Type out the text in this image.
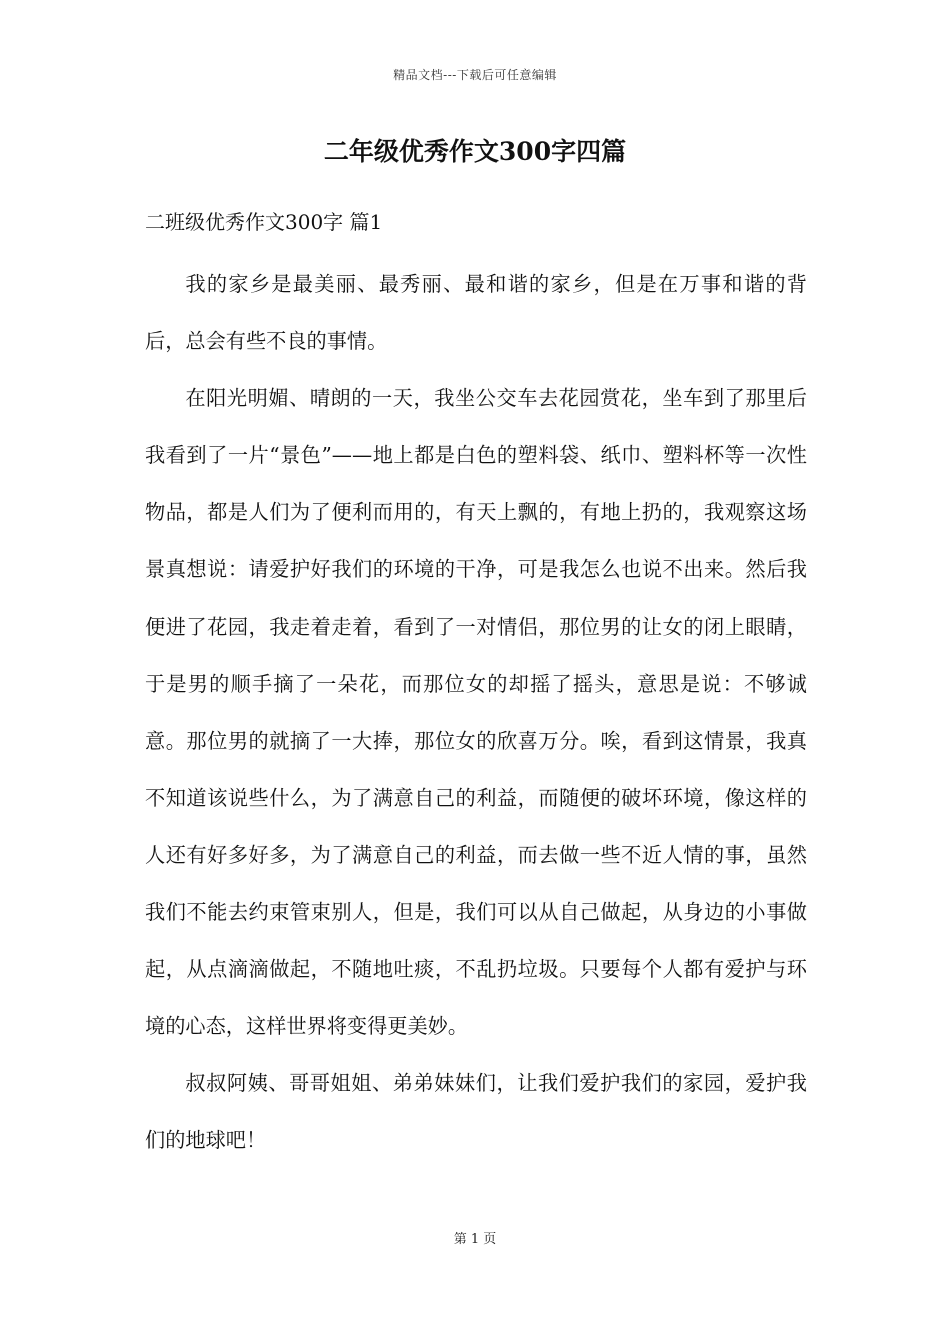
精品文档---下载后可任意编辑
二年级优秀作文300字四篇
二班级优秀作文300字 篇1

我的家乡是最美丽、最秀丽、最和谐的家乡，但是在万事和谐的背后，总会有些不良的事情。

在阳光明媚、晴朗的一天，我坐公交车去花园赏花，坐车到了那里后我看到了一片“景色”——地上都是白色的塑料袋、纸巾、塑料杯等一次性物品，都是人们为了便利而用的，有天上飘的，有地上扔的，我观察这场景真想说：请爱护好我们的环境的干净，可是我怎么也说不出来。然后我便进了花园，我走着走着，看到了一对情侣，那位男的让女的闭上眼睛，于是男的顺手摘了一朵花，而那位女的却摇了摇头，意思是说：不够诚意。那位男的就摘了一大捧，那位女的欣喜万分。唉，看到这情景，我真不知道该说些什么，为了满意自己的利益，而随便的破坏环境，像这样的人还有好多好多，为了满意自己的利益，而去做一些不近人情的事，虽然我们不能去约束管束别人，但是，我们可以从自己做起，从身边的小事做起，从点滴滴做起，不随地吐痰，不乱扔垃圾。只要每个人都有爱护与环境的心态，这样世界将变得更美妙。

叔叔阿姨、哥哥姐姐、弟弟妹妹们，让我们爱护我们的家园，爱护我们的地球吧！

第 1 页
